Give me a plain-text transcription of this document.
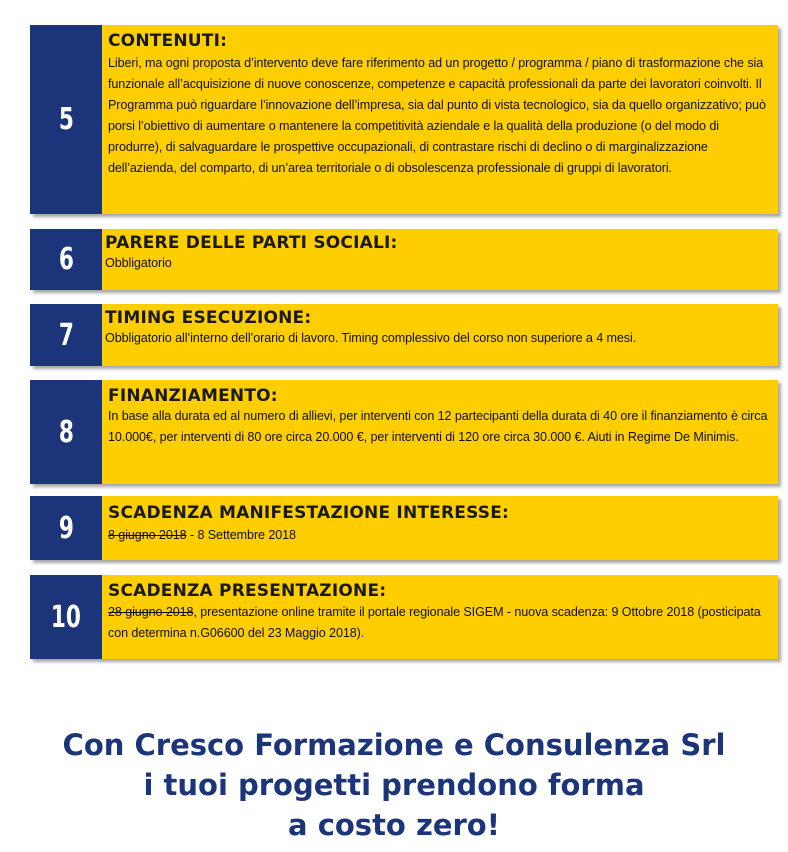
5

CONTENUTI:

Liberi, ma ogni proposta d’intervento deve fare riferimento ad un progetto / programma / piano di trasformazione che sia funzionale all’acquisizione di nuove conoscenze, competenze e capacità professionali da parte dei lavoratori coinvolti. Il Programma può riguardare l’innovazione dell’impresa, sia dal punto di vista tecnologico, sia da quello organizzativo; può porsi l’obiettivo di aumentare o mantenere la competitività aziendale e la qualità della produzione (o del modo di produrre), di salvaguardare le prospettive occupazionali, di contrastare rischi di declino o di marginalizzazione dell’azienda, del comparto, di un’area territoriale o di obsolescenza professionale di gruppi di lavoratori.

6 PARERE DELLE PARTI SOCIALI:

Obbligatorio

7 TIMING ESECUZIONE:

Obbligatorio all’interno dell’orario di lavoro. Timing complessivo del corso non superiore a 4 mesi.

8

FINANZIAMENTO:

In base alla durata ed al numero di allievi, per interventi con 12 partecipanti della durata di 40 ore il finanziamento è circa 10.000€, per interventi di 80 ore circa 20.000 €, per interventi di 120 ore circa 30.000 €. Aiuti in Regime De Minimis.

9 SCADENZA MANIFESTAZIONE INTERESSE:

8 giugno 2018 - 8 Settembre 2018

10

SCADENZA PRESENTAZIONE:

28 giugno 2018, presentazione online tramite il portale regionale SIGEM - nuova scadenza: 9 Ottobre 2018 (posticipata con determina n.G06600 del 23 Maggio 2018).

Con Cresco Formazione e Consulenza Srl
i tuoi progetti prendono forma
a costo zero!
